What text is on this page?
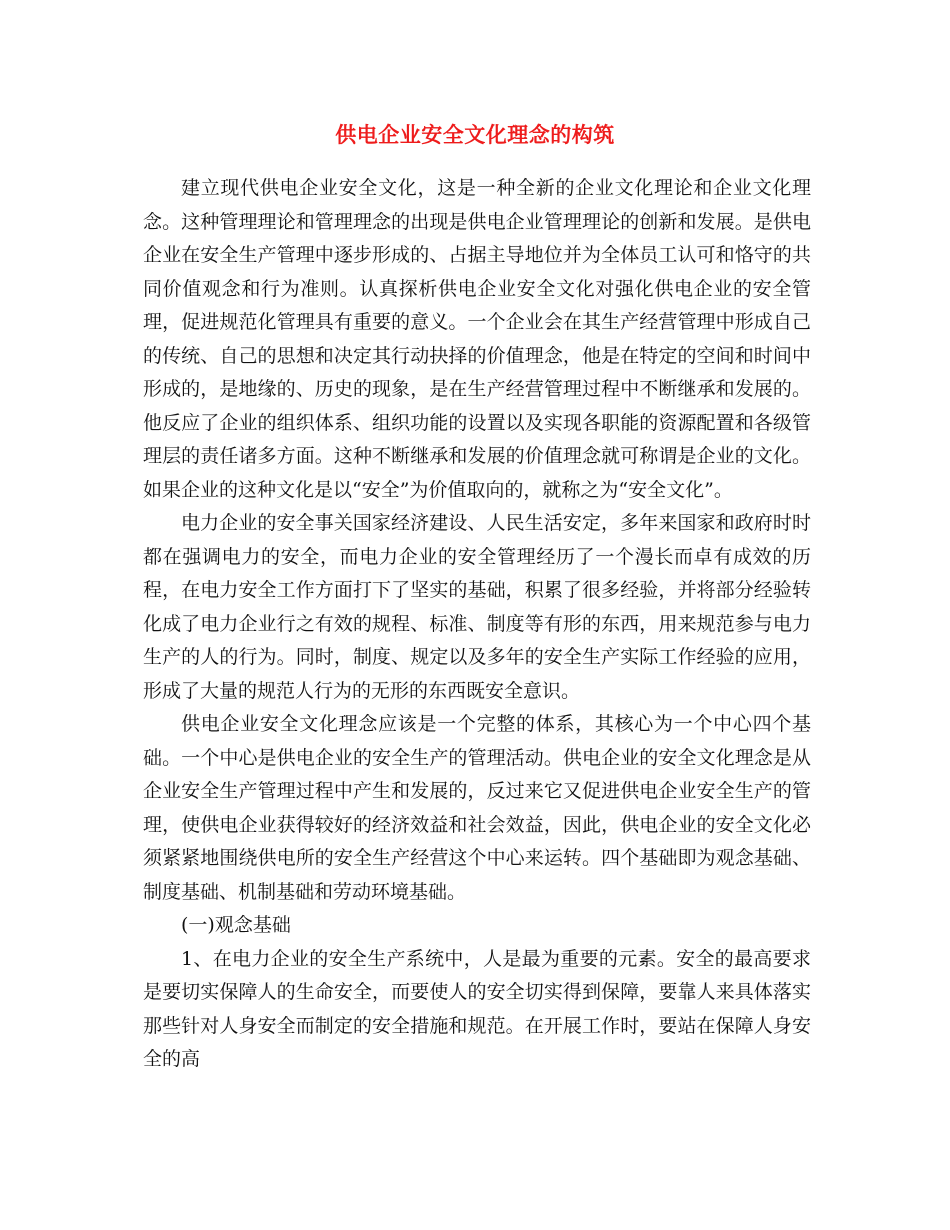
供电企业安全文化理念的构筑

建立现代供电企业安全文化，这是一种全新的企业文化理论和企业文化理念。这种管理理论和管理理念的出现是供电企业管理理论的创新和发展。是供电企业在安全生产管理中逐步形成的、占据主导地位并为全体员工认可和恪守的共同价值观念和行为准则。认真探析供电企业安全文化对强化供电企业的安全管理，促进规范化管理具有重要的意义。一个企业会在其生产经营管理中形成自己的传统、自己的思想和决定其行动抉择的价值理念，他是在特定的空间和时间中形成的，是地缘的、历史的现象，是在生产经营管理过程中不断继承和发展的。他反应了企业的组织体系、组织功能的设置以及实现各职能的资源配置和各级管理层的责任诸多方面。这种不断继承和发展的价值理念就可称谓是企业的文化。如果企业的这种文化是以“安全”为价值取向的，就称之为“安全文化”。

电力企业的安全事关国家经济建设、人民生活安定，多年来国家和政府时时都在强调电力的安全，而电力企业的安全管理经历了一个漫长而卓有成效的历程，在电力安全工作方面打下了坚实的基础，积累了很多经验，并将部分经验转化成了电力企业行之有效的规程、标准、制度等有形的东西，用来规范参与电力生产的人的行为。同时，制度、规定以及多年的安全生产实际工作经验的应用，形成了大量的规范人行为的无形的东西既安全意识。

供电企业安全文化理念应该是一个完整的体系，其核心为一个中心四个基础。一个中心是供电企业的安全生产的管理活动。供电企业的安全文化理念是从企业安全生产管理过程中产生和发展的，反过来它又促进供电企业安全生产的管理，使供电企业获得较好的经济效益和社会效益，因此，供电企业的安全文化必须紧紧地围绕供电所的安全生产经营这个中心来运转。四个基础即为观念基础、制度基础、机制基础和劳动环境基础。

(一)观念基础

1、在电力企业的安全生产系统中，人是最为重要的元素。安全的最高要求是要切实保障人的生命安全，而要使人的安全切实得到保障，要靠人来具体落实那些针对人身安全而制定的安全措施和规范。在开展工作时，要站在保障人身安全的高
